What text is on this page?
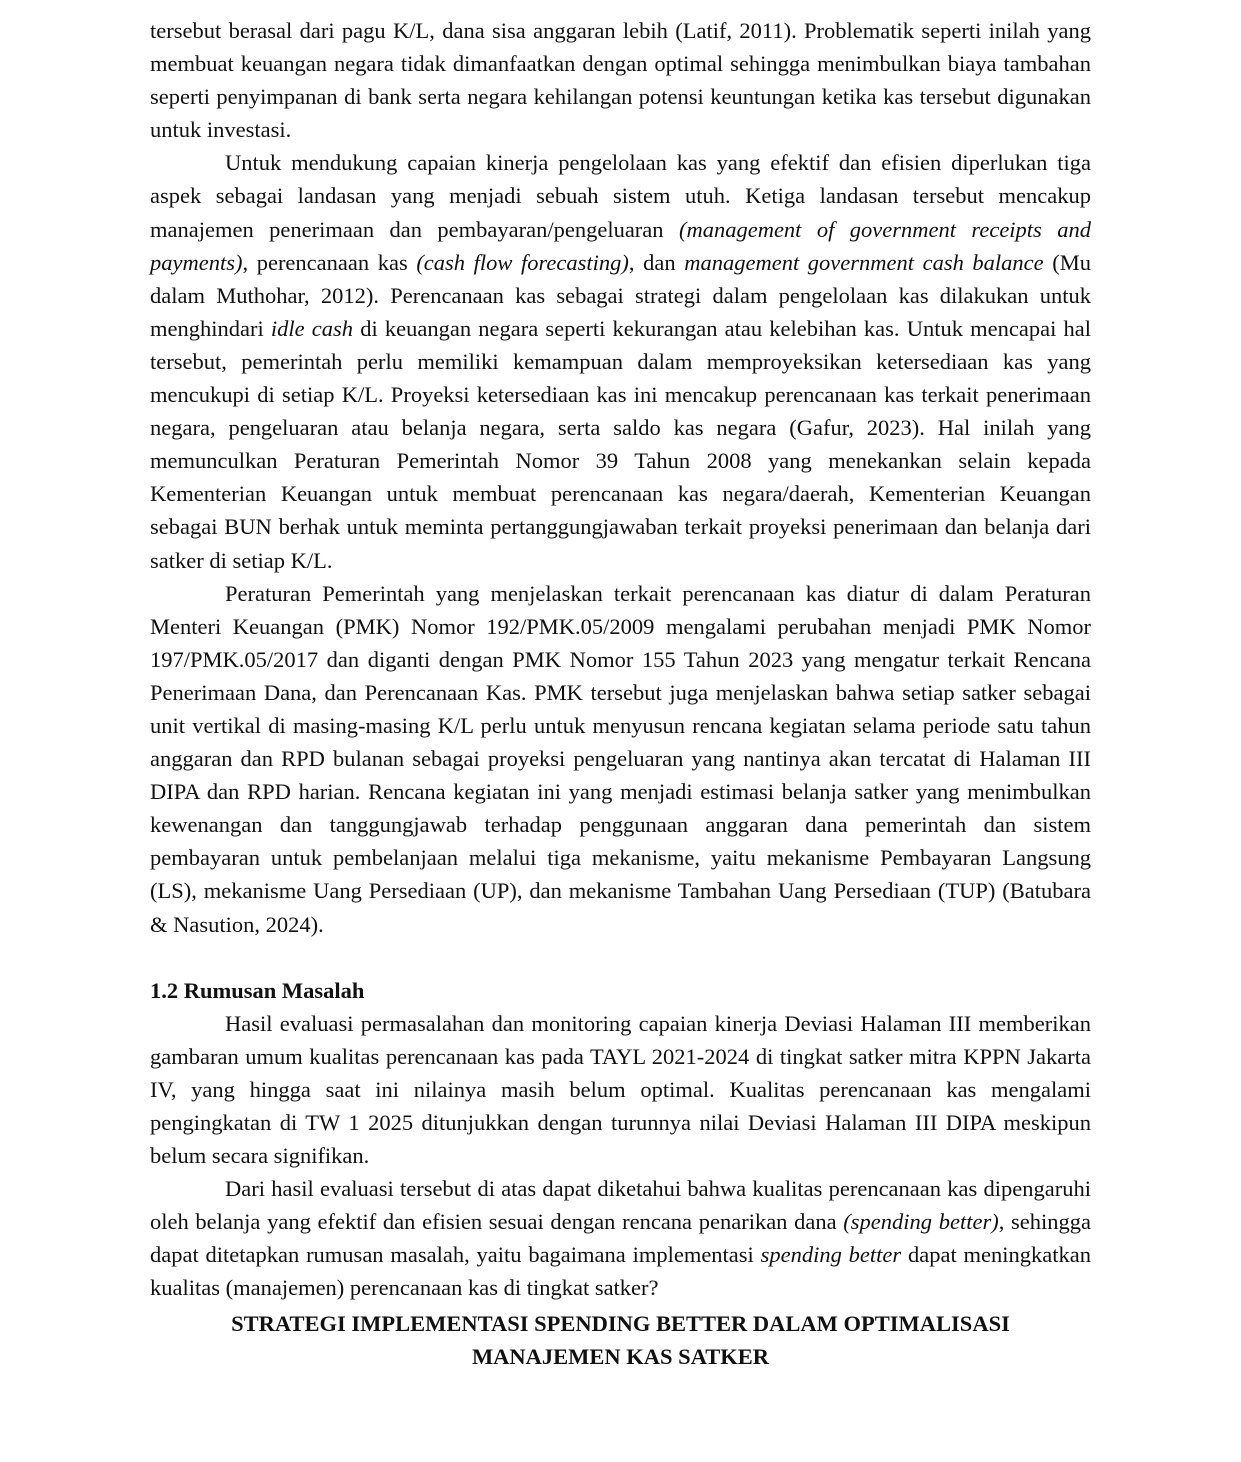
tersebut berasal dari pagu K/L, dana sisa anggaran lebih (Latif, 2011). Problematik seperti inilah yang membuat keuangan negara tidak dimanfaatkan dengan optimal sehingga menimbulkan biaya tambahan seperti penyimpanan di bank serta negara kehilangan potensi keuntungan ketika kas tersebut digunakan untuk investasi.

Untuk mendukung capaian kinerja pengelolaan kas yang efektif dan efisien diperlukan tiga aspek sebagai landasan yang menjadi sebuah sistem utuh. Ketiga landasan tersebut mencakup manajemen penerimaan dan pembayaran/pengeluaran (management of government receipts and payments), perencanaan kas (cash flow forecasting), dan management government cash balance (Mu dalam Muthohar, 2012). Perencanaan kas sebagai strategi dalam pengelolaan kas dilakukan untuk menghindari idle cash di keuangan negara seperti kekurangan atau kelebihan kas. Untuk mencapai hal tersebut, pemerintah perlu memiliki kemampuan dalam memproyeksikan ketersediaan kas yang mencukupi di setiap K/L. Proyeksi ketersediaan kas ini mencakup perencanaan kas terkait penerimaan negara, pengeluaran atau belanja negara, serta saldo kas negara (Gafur, 2023). Hal inilah yang memunculkan Peraturan Pemerintah Nomor 39 Tahun 2008 yang menekankan selain kepada Kementerian Keuangan untuk membuat perencanaan kas negara/daerah, Kementerian Keuangan sebagai BUN berhak untuk meminta pertanggungjawaban terkait proyeksi penerimaan dan belanja dari satker di setiap K/L.

Peraturan Pemerintah yang menjelaskan terkait perencanaan kas diatur di dalam Peraturan Menteri Keuangan (PMK) Nomor 192/PMK.05/2009 mengalami perubahan menjadi PMK Nomor 197/PMK.05/2017 dan diganti dengan PMK Nomor 155 Tahun 2023 yang mengatur terkait Rencana Penerimaan Dana, dan Perencanaan Kas. PMK tersebut juga menjelaskan bahwa setiap satker sebagai unit vertikal di masing-masing K/L perlu untuk menyusun rencana kegiatan selama periode satu tahun anggaran dan RPD bulanan sebagai proyeksi pengeluaran yang nantinya akan tercatat di Halaman III DIPA dan RPD harian. Rencana kegiatan ini yang menjadi estimasi belanja satker yang menimbulkan kewenangan dan tanggungjawab terhadap penggunaan anggaran dana pemerintah dan sistem pembayaran untuk pembelanjaan melalui tiga mekanisme, yaitu mekanisme Pembayaran Langsung (LS), mekanisme Uang Persediaan (UP), dan mekanisme Tambahan Uang Persediaan (TUP) (Batubara & Nasution, 2024).

1.2 Rumusan Masalah

Hasil evaluasi permasalahan dan monitoring capaian kinerja Deviasi Halaman III memberikan gambaran umum kualitas perencanaan kas pada TAYL 2021-2024 di tingkat satker mitra KPPN Jakarta IV, yang hingga saat ini nilainya masih belum optimal. Kualitas perencanaan kas mengalami pengingkatan di TW 1 2025 ditunjukkan dengan turunnya nilai Deviasi Halaman III DIPA meskipun belum secara signifikan.

Dari hasil evaluasi tersebut di atas dapat diketahui bahwa kualitas perencanaan kas dipengaruhi oleh belanja yang efektif dan efisien sesuai dengan rencana penarikan dana (spending better), sehingga dapat ditetapkan rumusan masalah, yaitu bagaimana implementasi spending better dapat meningkatkan kualitas (manajemen) perencanaan kas di tingkat satker?

STRATEGI IMPLEMENTASI SPENDING BETTER DALAM OPTIMALISASI
MANAJEMEN KAS SATKER
